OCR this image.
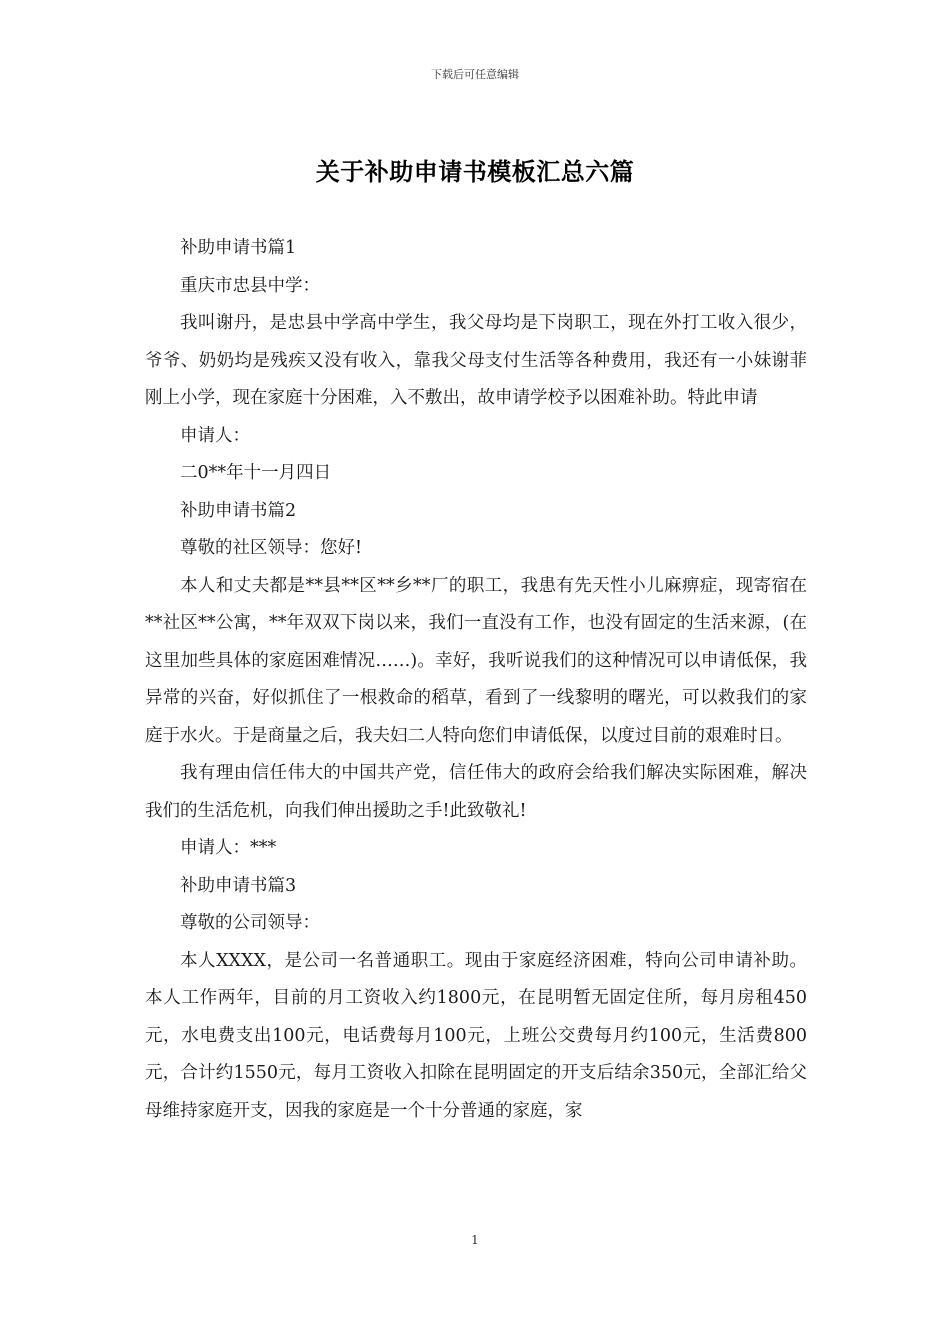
下载后可任意编辑
关于补助申请书模板汇总六篇

补助申请书篇1

重庆市忠县中学：

我叫谢丹，是忠县中学高中学生，我父母均是下岗职工，现在外打工收入很少，爷爷、奶奶均是残疾又没有收入，靠我父母支付生活等各种费用，我还有一小妹谢菲刚上小学，现在家庭十分困难，入不敷出，故申请学校予以困难补助。特此申请

申请人：

二0**年十一月四日

补助申请书篇2

尊敬的社区领导：您好!

本人和丈夫都是**县**区**乡**厂的职工，我患有先天性小儿麻痹症，现寄宿在**社区**公寓，**年双双下岗以来，我们一直没有工作，也没有固定的生活来源，(在这里加些具体的家庭困难情况……)。幸好，我听说我们的这种情况可以申请低保，我异常的兴奋，好似抓住了一根救命的稻草，看到了一线黎明的曙光，可以救我们的家庭于水火。于是商量之后，我夫妇二人特向您们申请低保，以度过目前的艰难时日。

我有理由信任伟大的中国共产党，信任伟大的政府会给我们解决实际困难，解决我们的生活危机，向我们伸出援助之手!此致敬礼!

申请人：***

补助申请书篇3

尊敬的公司领导：

本人XXXX，是公司一名普通职工。现由于家庭经济困难，特向公司申请补助。本人工作两年，目前的月工资收入约1800元，在昆明暂无固定住所，每月房租450元，水电费支出100元，电话费每月100元，上班公交费每月约100元，生活费800元，合计约1550元，每月工资收入扣除在昆明固定的开支后结余350元，全部汇给父母维持家庭开支，因我的家庭是一个十分普通的家庭，家

1
